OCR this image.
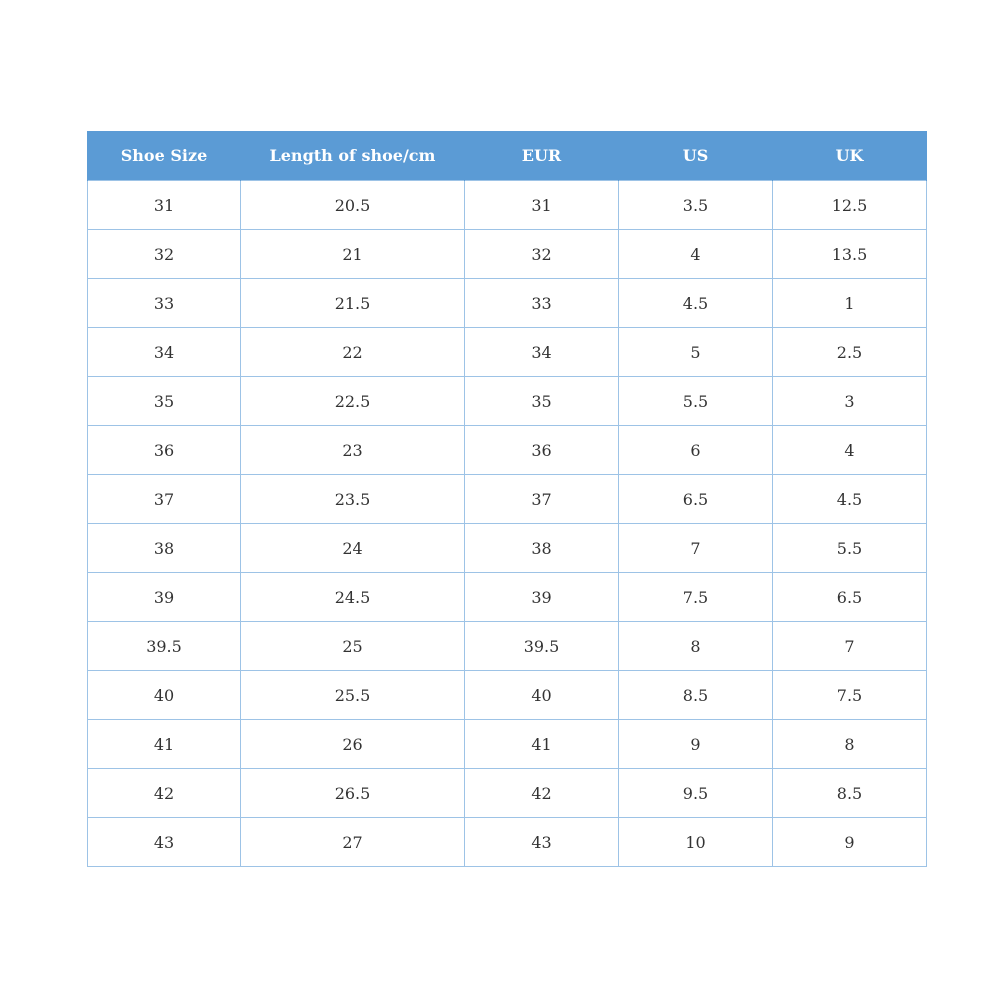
Shoe Size	Length of shoe/cm	EUR	US	UK
31	20.5	31	3.5	12.5
32	21	32	4	13.5
33	21.5	33	4.5	1
34	22	34	5	2.5
35	22.5	35	5.5	3
36	23	36	6	4
37	23.5	37	6.5	4.5
38	24	38	7	5.5
39	24.5	39	7.5	6.5
39.5	25	39.5	8	7
40	25.5	40	8.5	7.5
41	26	41	9	8
42	26.5	42	9.5	8.5
43	27	43	10	9
